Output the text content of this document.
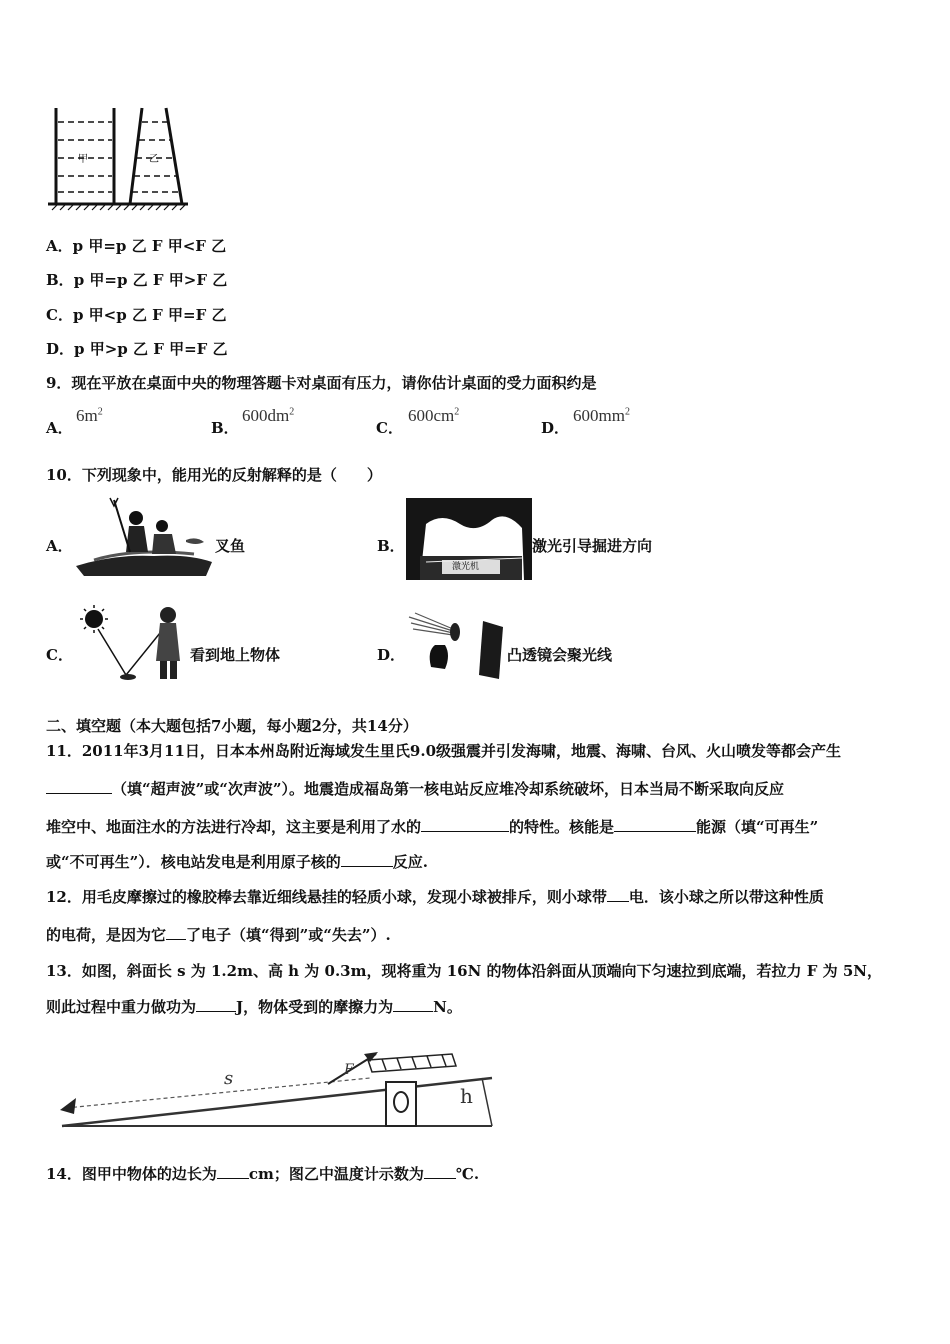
甲	乙
A．p 甲=p 乙 F 甲<F 乙
B．p 甲=p 乙 F 甲>F 乙
C．p 甲<p 乙 F 甲=F 乙
D．p 甲>p 乙 F 甲=F 乙
9．现在平放在桌面中央的物理答题卡对桌面有压力，请你估计桌面的受力面积约是
A．
$6m^2$
B．
$600dm^2$
C．
$600cm^2$
D．
$600mm^2$
10．下列现象中，能用光的反射解释的是（　　）
A．	叉鱼	B．
激光机
激光引导掘进方向
C．	看到地上物体	D．	凸透镜会聚光线
二、填空题（本大题包括7小题，每小题2分，共14分）
11．2011年3月11日，日本本州岛附近海域发生里氏9.0级强震并引发海啸，地震、海啸、台风、火山喷发等都会产生
（填“超声波”或“次声波”）。地震造成福岛第一核电站反应堆冷却系统破坏，日本当局不断采取向反应
堆空中、地面注水的方法进行冷却，这主要是利用了水的	的特性。核能是	能源（填“可再生”
或“不可再生”）．核电站发电是利用原子核的	反应.
12．用毛皮摩擦过的橡胶棒去靠近细线悬挂的轻质小球，发现小球被排斥，则小球带 电．该小球之所以带这种性质
的电荷，是因为它 了电子（填“得到”或“失去”）.
13．如图，斜面长 s 为 1.2m、高 h 为 0.3m，现将重为 16N 的物体沿斜面从顶端向下匀速拉到底端，若拉力 F 为 5N，
则此过程中重力做功为	J，物体受到的摩擦力为	N。
s	F
h
14．图甲中物体的边长为 cm；图乙中温度计示数为 ℃.
